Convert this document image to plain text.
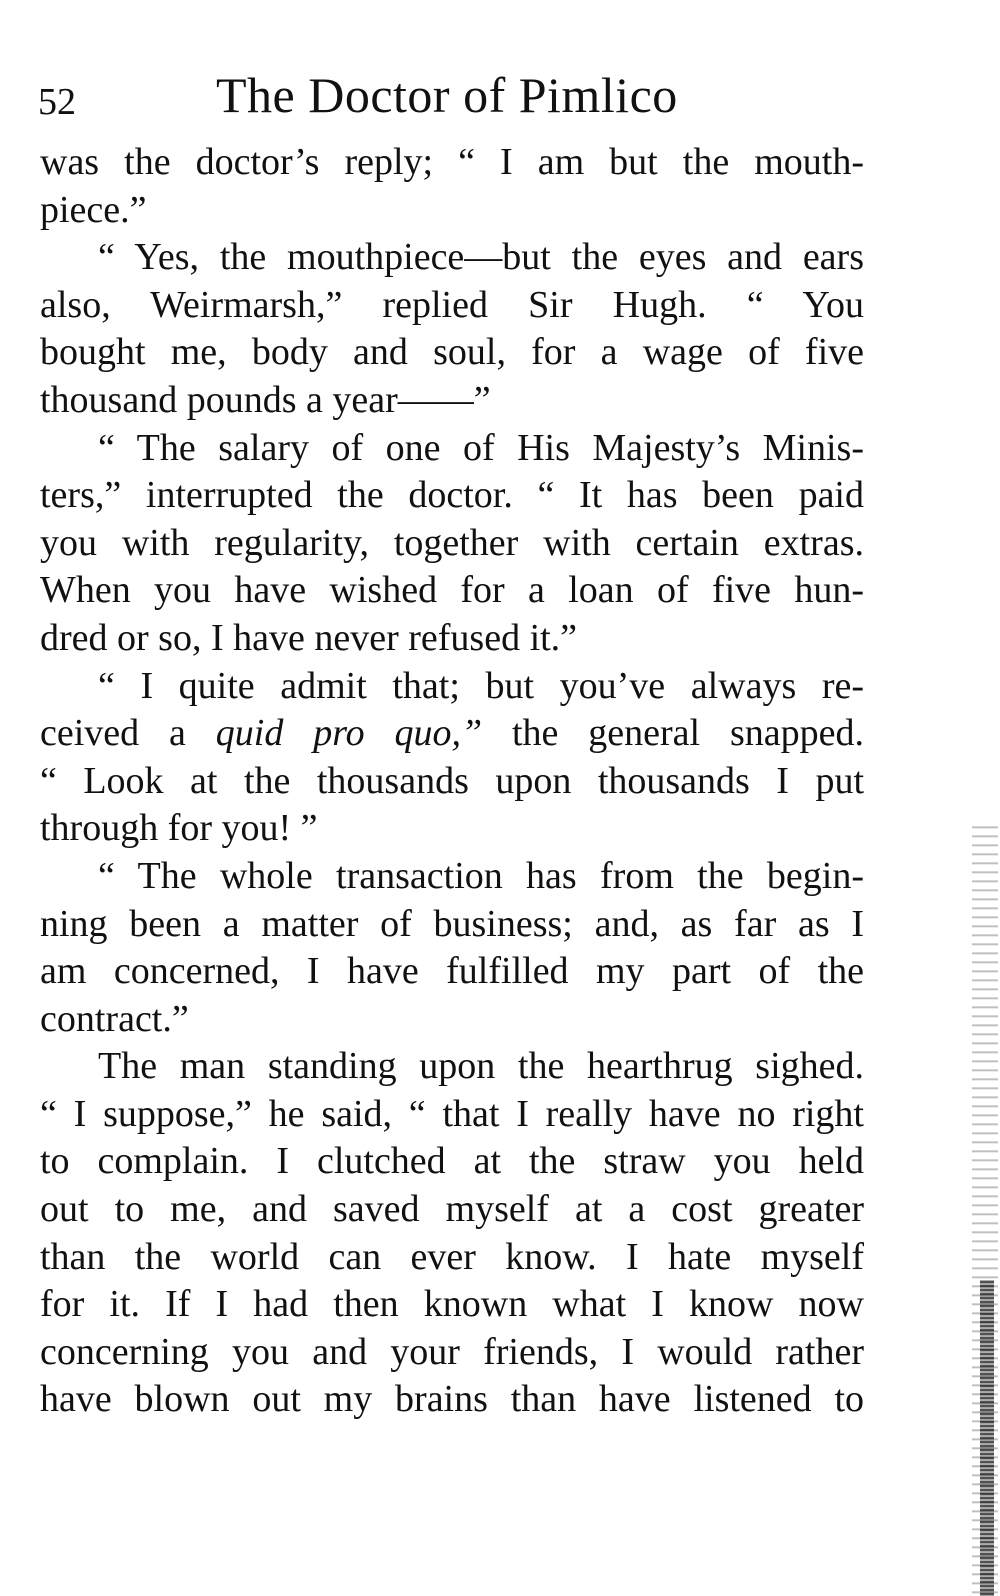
52	The Doctor of Pimlico
was the doctor’s reply; “ I am but the mouth-
piece.”
“ Yes, the mouthpiece—but the eyes and ears
also, Weirmarsh,” replied Sir Hugh. “ You
bought me, body and soul, for a wage of five
thousand pounds a year——”
“ The salary of one of His Majesty’s Minis-
ters,” interrupted the doctor. “ It has been paid
you with regularity, together with certain extras.
When you have wished for a loan of five hun-
dred or so, I have never refused it.”
“ I quite admit that; but you’ve always re-
ceived a quid pro quo,” the general snapped.
“ Look at the thousands upon thousands I put
through for you! ”
“ The whole transaction has from the begin-
ning been a matter of business; and, as far as I
am concerned, I have fulfilled my part of the
contract.”
The man standing upon the hearthrug sighed.
“ I suppose,” he said, “ that I really have no right
to complain. I clutched at the straw you held
out to me, and saved myself at a cost greater
than the world can ever know. I hate myself
for it. If I had then known what I know now
concerning you and your friends, I would rather
have blown out my brains than have listened to
